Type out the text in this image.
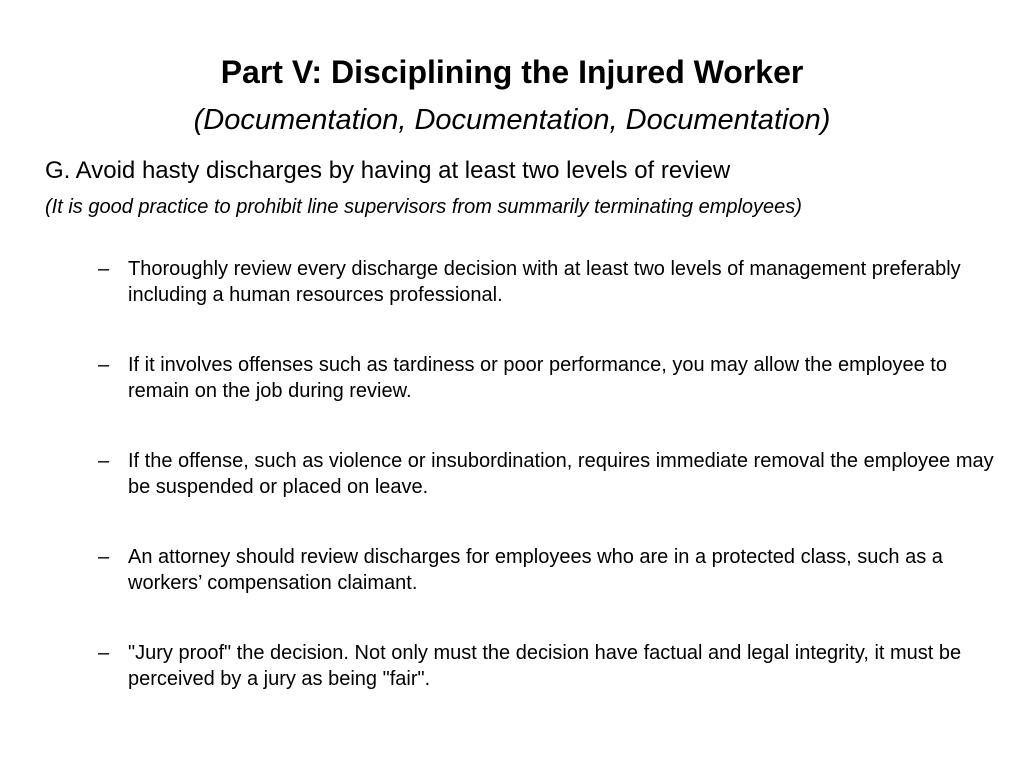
Part V: Disciplining the Injured Worker
(Documentation, Documentation, Documentation)
G. Avoid hasty discharges by having at least two levels of review
(It is good practice to prohibit line supervisors from summarily terminating employees)
– Thoroughly review every discharge decision with at least two levels of management preferably including a human resources professional.
– If it involves offenses such as tardiness or poor performance, you may allow the employee to remain on the job during review.
– If the offense, such as violence or insubordination, requires immediate removal the employee may be suspended or placed on leave.
– An attorney should review discharges for employees who are in a protected class, such as a workers’ compensation claimant.
– "Jury proof" the decision. Not only must the decision have factual and legal integrity, it must be perceived by a jury as being "fair".
